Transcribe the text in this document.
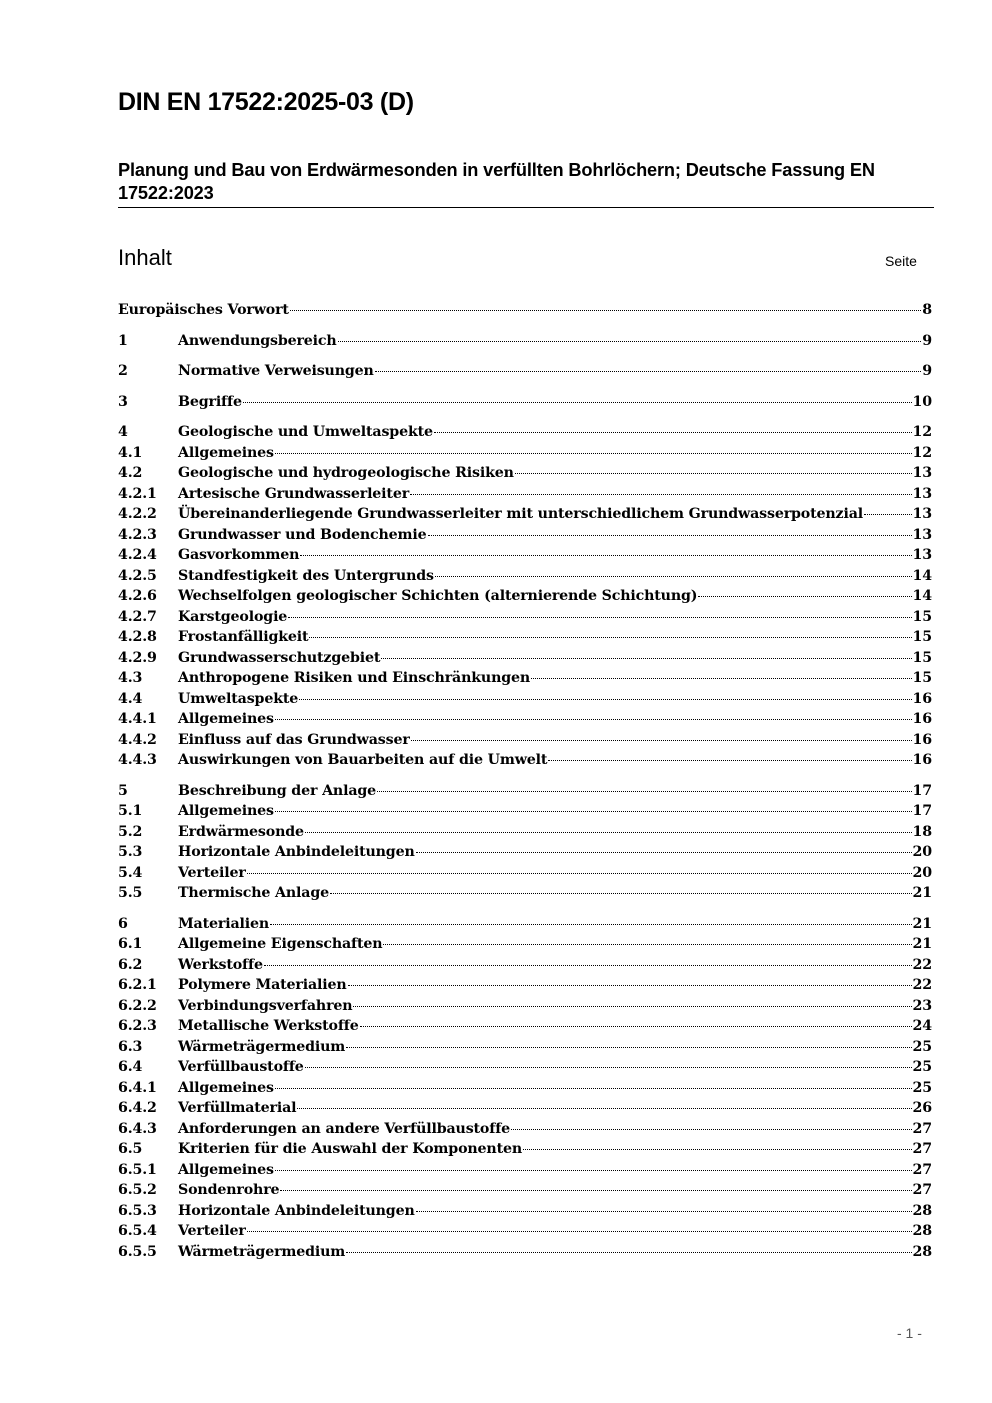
DIN EN 17522:2025-03 (D)
Planung und Bau von Erdwärmesonden in verfüllten Bohrlöchern; Deutsche Fassung EN 17522:2023
Inhalt	Seite
Europäisches Vorwort	8
1	Anwendungsbereich	9
2	Normative Verweisungen	9
3	Begriffe	10
4	Geologische und Umweltaspekte	12
4.1	Allgemeines	12
4.2	Geologische und hydrogeologische Risiken	13
4.2.1	Artesische Grundwasserleiter	13
4.2.2	Übereinanderliegende Grundwasserleiter mit unterschiedlichem Grundwasserpotenzial	13
4.2.3	Grundwasser und Bodenchemie	13
4.2.4	Gasvorkommen	13
4.2.5	Standfestigkeit des Untergrunds	14
4.2.6	Wechselfolgen geologischer Schichten (alternierende Schichtung)	14
4.2.7	Karstgeologie	15
4.2.8	Frostanfälligkeit	15
4.2.9	Grundwasserschutzgebiet	15
4.3	Anthropogene Risiken und Einschränkungen	15
4.4	Umweltaspekte	16
4.4.1	Allgemeines	16
4.4.2	Einfluss auf das Grundwasser	16
4.4.3	Auswirkungen von Bauarbeiten auf die Umwelt	16
5	Beschreibung der Anlage	17
5.1	Allgemeines	17
5.2	Erdwärmesonde	18
5.3	Horizontale Anbindeleitungen	20
5.4	Verteiler	20
5.5	Thermische Anlage	21
6	Materialien	21
6.1	Allgemeine Eigenschaften	21
6.2	Werkstoffe	22
6.2.1	Polymere Materialien	22
6.2.2	Verbindungsverfahren	23
6.2.3	Metallische Werkstoffe	24
6.3	Wärmeträgermedium	25
6.4	Verfüllbaustoffe	25
6.4.1	Allgemeines	25
6.4.2	Verfüllmaterial	26
6.4.3	Anforderungen an andere Verfüllbaustoffe	27
6.5	Kriterien für die Auswahl der Komponenten	27
6.5.1	Allgemeines	27
6.5.2	Sondenrohre	27
6.5.3	Horizontale Anbindeleitungen	28
6.5.4	Verteiler	28
6.5.5	Wärmeträgermedium	28
- 1 -
